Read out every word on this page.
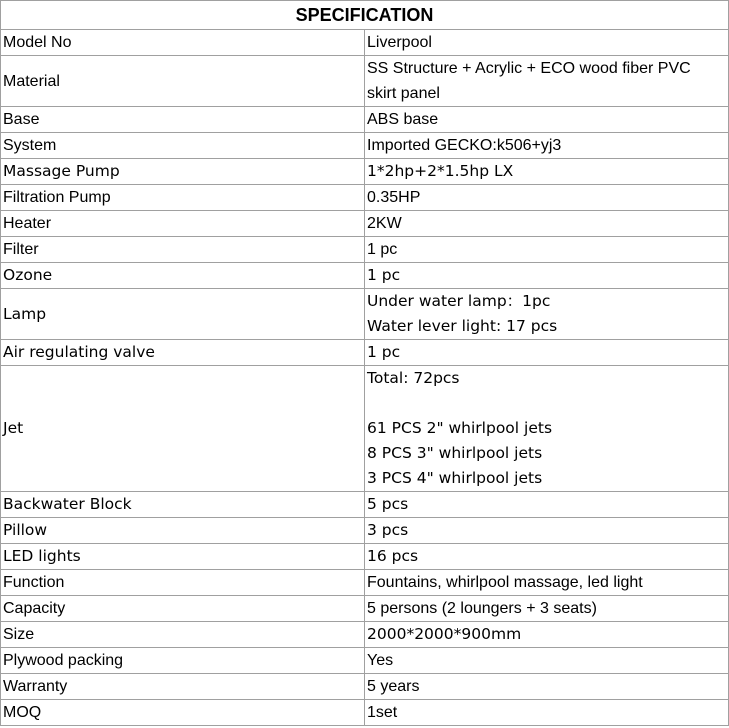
SPECIFICATION	
Model No	Liverpool

Material	SS Structure + Acrylic + ECO wood fiber PVC
skirt panel

Base	ABS base

System	Imported GECKO:k506+yj3

Massage Pump	1*2hp+2*1.5hp LX

Filtration Pump	0.35HP

Heater	2KW

Filter	1 pc

Ozone	1 pc

Lamp	Under water lamp：1pc
Water lever light: 17 pcs

Air regulating valve	1 pc

Jet	Total: 72pcs
61 PCS 2" whirlpool jets
8 PCS 3" whirlpool jets
3 PCS 4" whirlpool jets

Backwater Block	5 pcs

Pillow	3 pcs

LED lights	16 pcs

Function	Fountains, whirlpool massage, led light

Capacity	5 persons (2 loungers + 3 seats)

Size	2000*2000*900mm

Plywood packing	Yes

Warranty	5 years

MOQ	1set
